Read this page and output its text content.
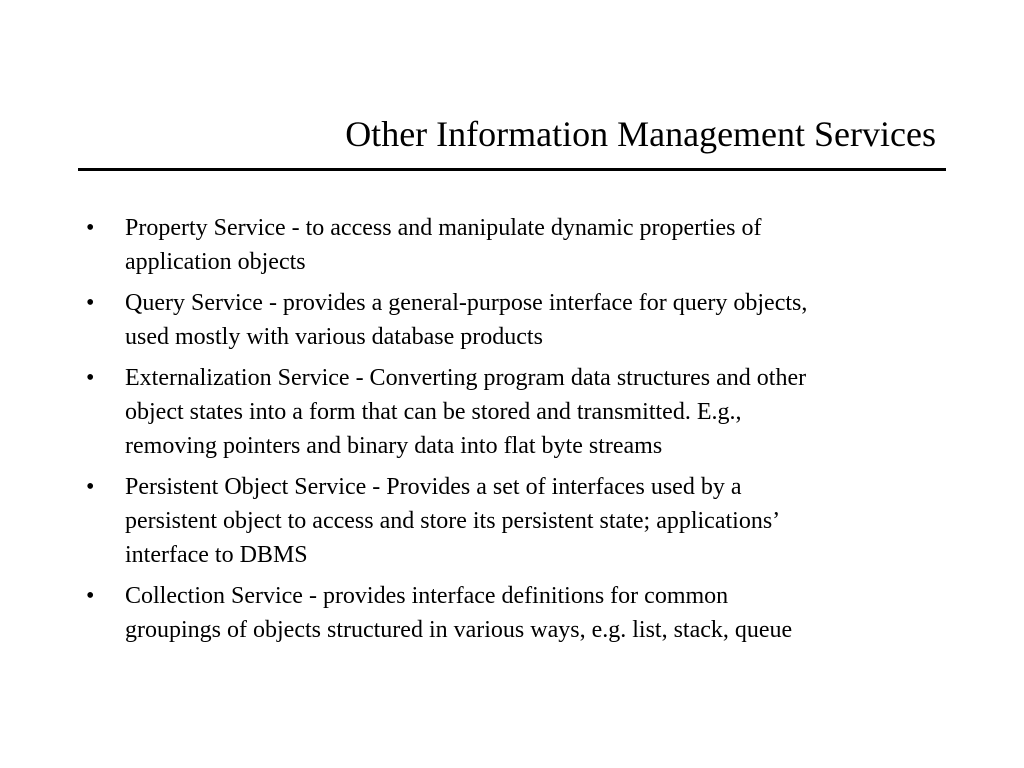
Other Information Management Services
• Property Service - to access and manipulate dynamic properties of
application objects
• Query Service - provides a general-purpose interface for query objects,
used mostly with various database products
• Externalization Service - Converting program data structures and other
object states into a form that can be stored and transmitted. E.g.,
removing pointers and binary data into flat byte streams
• Persistent Object Service - Provides a set of interfaces used by a
persistent object to access and store its persistent state; applications’
interface to DBMS
• Collection Service - provides interface definitions for common
groupings of objects structured in various ways, e.g. list, stack, queue
